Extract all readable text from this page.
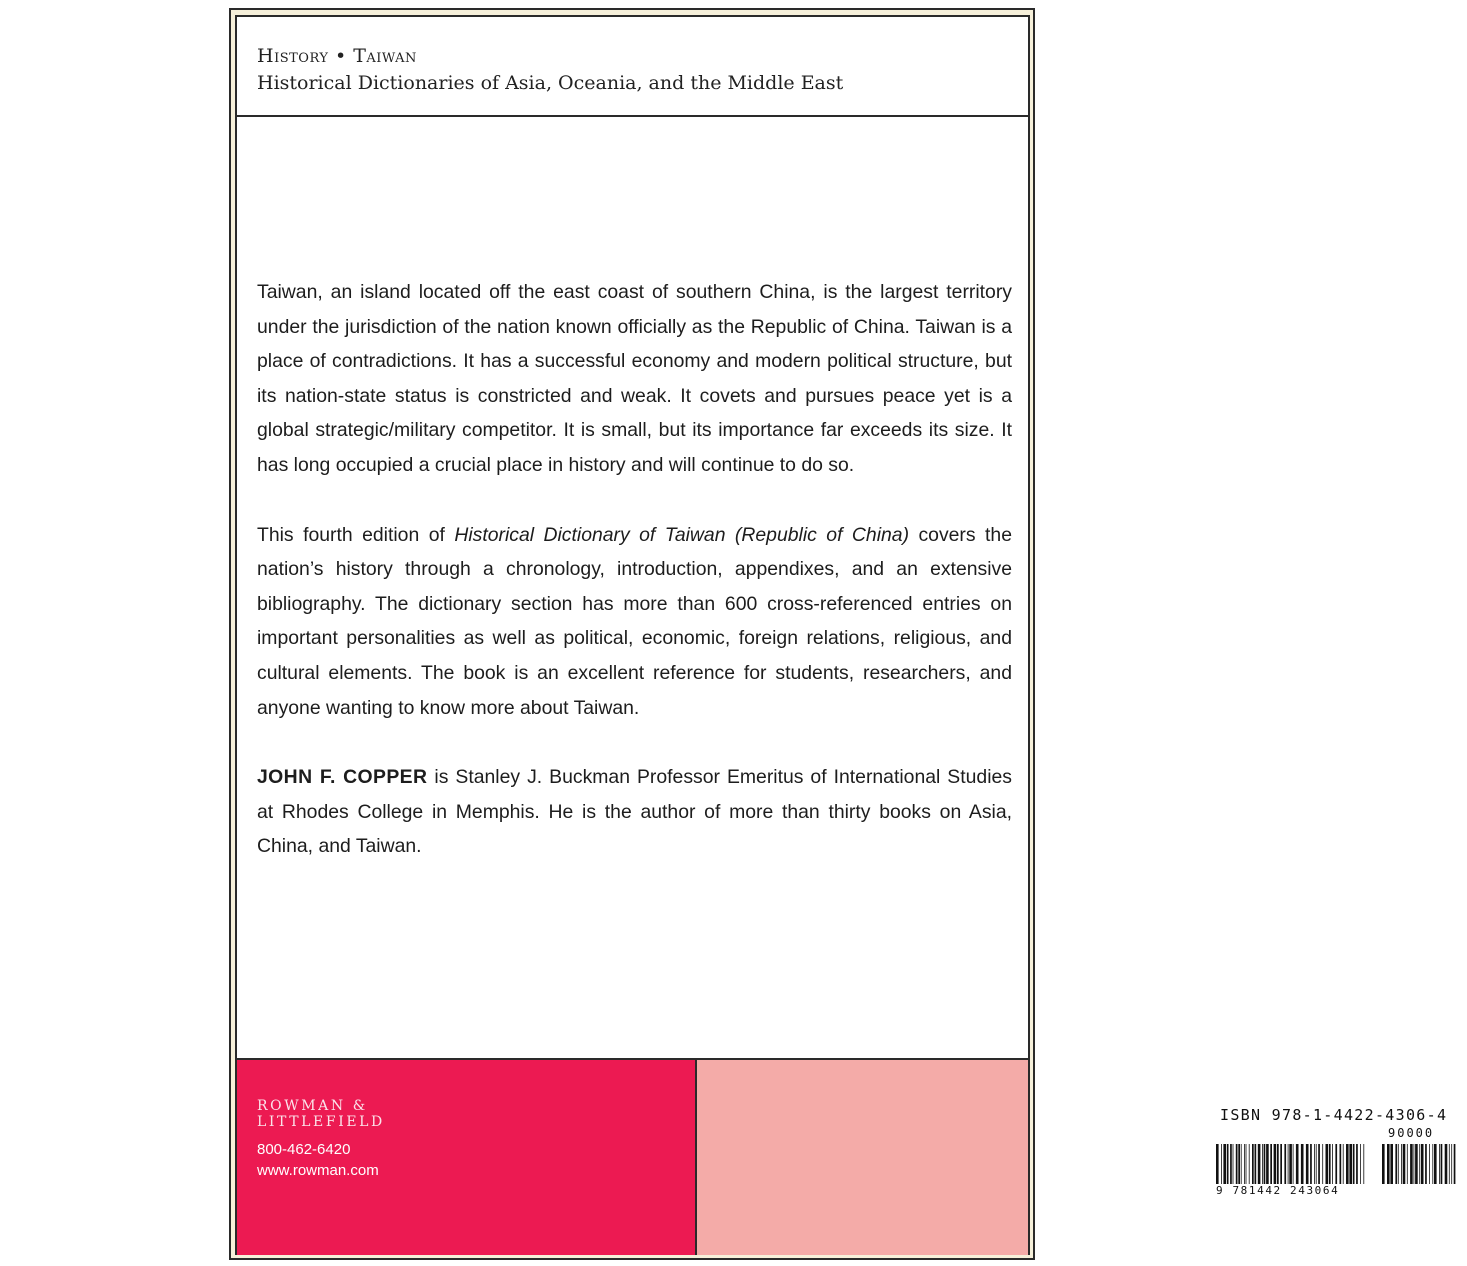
History • Taiwan
Historical Dictionaries of Asia, Oceania, and the Middle East

Taiwan, an island located off the east coast of southern China, is the largest territory under the jurisdiction of the nation known officially as the Republic of China. Taiwan is a place of contradictions. It has a successful economy and modern political structure, but its nation-state status is constricted and weak. It covets and pursues peace yet is a global strategic/military competitor. It is small, but its importance far exceeds its size. It has long occupied a crucial place in history and will continue to do so.

This fourth edition of Historical Dictionary of Taiwan (Republic of China) covers the nation’s history through a chronology, introduction, appendixes, and an extensive bibliography. The dictionary section has more than 600 cross-referenced entries on important personalities as well as political, economic, foreign relations, religious, and cultural elements. The book is an excellent reference for students, researchers, and anyone wanting to know more about Taiwan.

JOHN F. COPPER is Stanley J. Buckman Professor Emeritus of International Studies at Rhodes College in Memphis. He is the author of more than thirty books on Asia, China, and Taiwan.

ROWMAN &
LITTLEFIELD
800-462-6420
www.rowman.com
ISBN 978-1-4422-4306-4
90000
9 781442 243064
